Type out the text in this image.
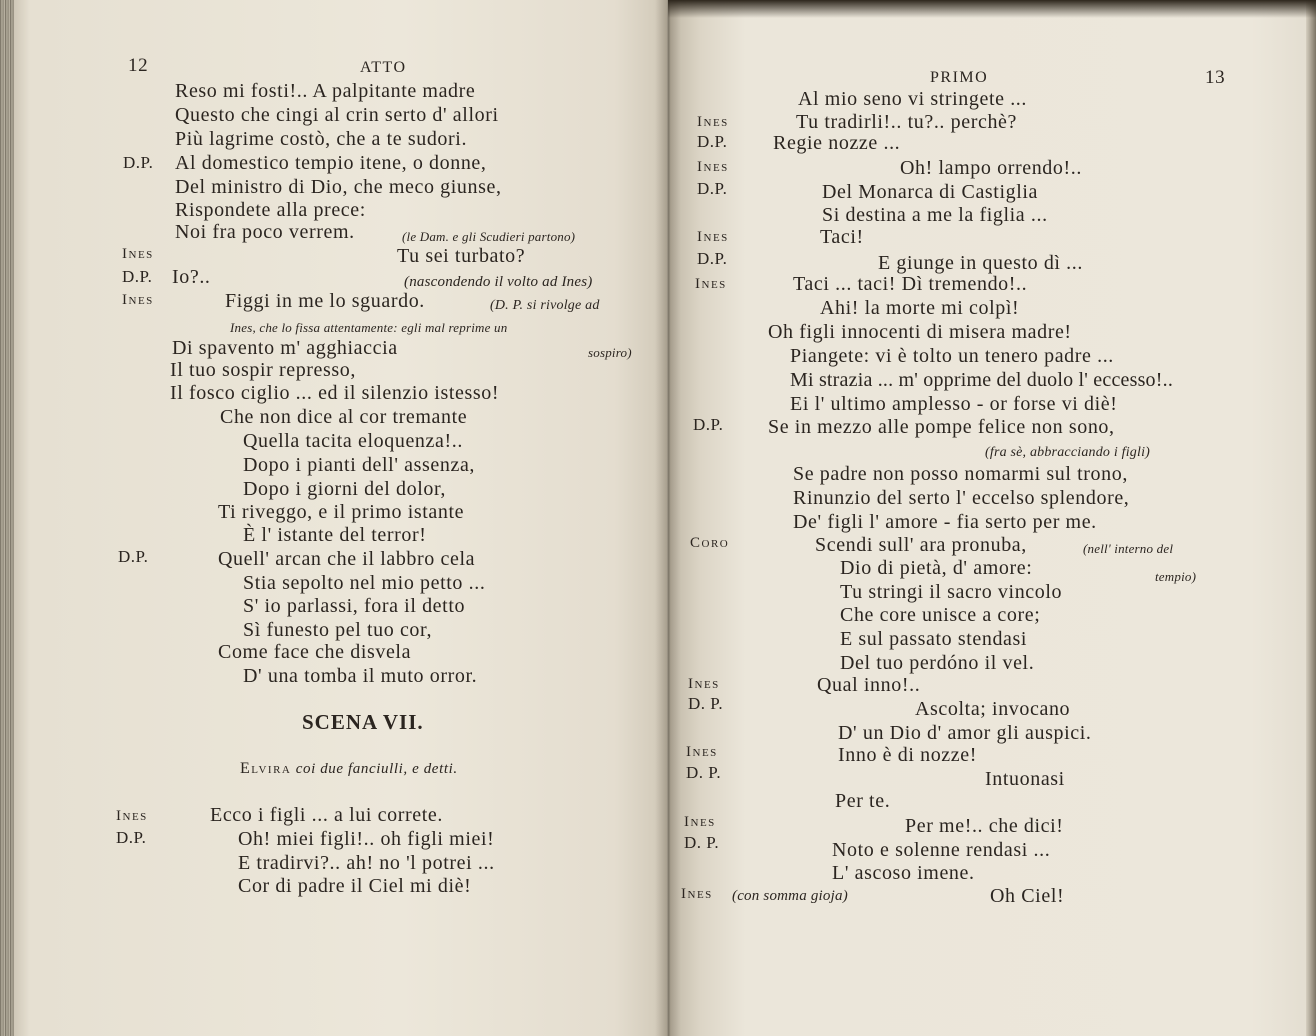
12	ATTO
Reso mi fosti!.. A palpitante madre
Questo che cingi al crin serto d' allori
Più lagrime costò, che a te sudori.
D.P. Al domestico tempio itene, o donne,
Del ministro di Dio, che meco giunse,
Rispondete alla prece:
Noi fra poco verrem.	(le Dam. e gli Scudieri partono)
Ines	Tu sei turbato?
D.P. Io?..	(nascondendo il volto ad Ines)
Ines	Figgi in me lo sguardo.	(D. P. si rivolge ad
Ines, che lo fissa attentamente: egli mal reprime un
Di spavento m' agghiaccia	sospiro)
Il tuo sospir represso,
Il fosco ciglio ... ed il silenzio istesso!
Che non dice al cor tremante
Quella tacita eloquenza!..
Dopo i pianti dell' assenza,
Dopo i giorni del dolor,
Ti riveggo, e il primo istante
È l' istante del terror!
D.P.	Quell' arcan che il labbro cela
Stia sepolto nel mio petto ...
S' io parlassi, fora il detto
Sì funesto pel tuo cor,
Come face che disvela
D' una tomba il muto orror.
SCENA VII.
Elvira coi due fanciulli, e detti.
Ines	Ecco i figli ... a lui correte.
D.P.	Oh! miei figli!.. oh figli miei!
E tradirvi?.. ah! no 'l potrei ...
Cor di padre il Ciel mi diè!
PRIMO	13
Al mio seno vi stringete ...
Ines	Tu tradirli!.. tu?.. perchè?
D.P. Regie nozze ...
Ines	Oh! lampo orrendo!..
D.P.	Del Monarca di Castiglia
Si destina a me la figlia ...
Ines	Taci!
D.P.	E giunge in questo dì ...
Ines	Taci ... taci! Dì tremendo!..
Ahi! la morte mi colpì!
Oh figli innocenti di misera madre!
Piangete: vi è tolto un tenero padre ...
Mi strazia ... m' opprime del duolo l' eccesso!..
Ei l' ultimo amplesso - or forse vi diè!
D.P. Se in mezzo alle pompe felice non sono,
(fra sè, abbracciando i figli)
Se padre non posso nomarmi sul trono,
Rinunzio del serto l' eccelso splendore,
De' figli l' amore - fia serto per me.
Coro	Scendi sull' ara pronuba,	(nell' interno del
Dio di pietà, d' amore:	tempio)
Tu stringi il sacro vincolo
Che core unisce a core;
E sul passato stendasi
Del tuo perdóno il vel.
Ines	Qual inno!..
D. P.	Ascolta; invocano
D' un Dio d' amor gli auspici.
Ines	Inno è di nozze!
D. P.	Intuonasi
Per te.
Ines	Per me!.. che dici!
D. P.	Noto e solenne rendasi ...
L' ascoso imene.
Ines (con somma gioja)	Oh Ciel!
